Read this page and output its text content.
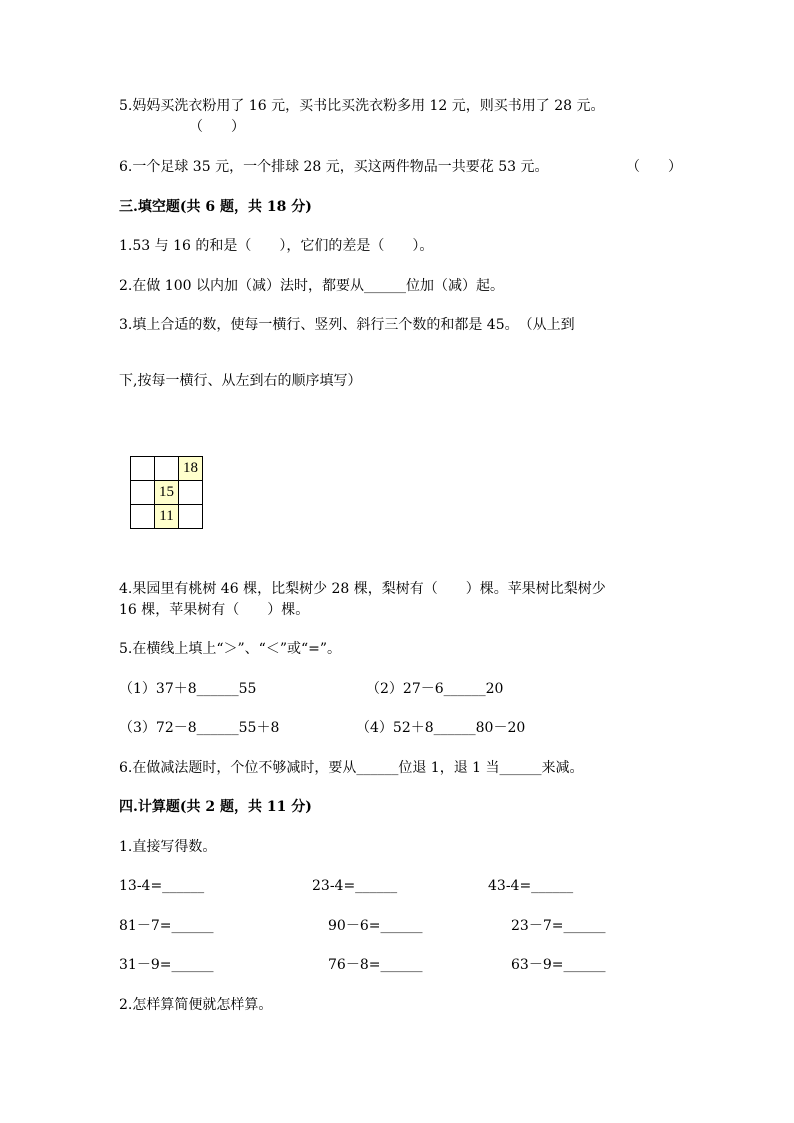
5.妈妈买洗衣粉用了 16 元，买书比买洗衣粉多用 12 元，则买书用了 28 元。
（　　）
6.一个足球 35 元，一个排球 28 元，买这两件物品一共要花 53 元。	（　　）
三.填空题(共 6 题，共 18 分)
1.53 与 16 的和是（　　），它们的差是（　　）。
2.在做 100 以内加（减）法时，都要从______位加（减）起。
3.填上合适的数，使每一横行、竖列、斜行三个数的和都是 45。　（从上到
下,按每一横行、从左到右的顺序填写）
		18
	15	
	11	
4.果园里有桃树 46 棵，比梨树少 28 棵，梨树有（　　）棵。苹果树比梨树少
16 棵，苹果树有（　　）棵。
5.在横线上填上“＞”、“＜”或“=”。
（1）37＋8______55	（2）27－6______20
（3）72－8______55＋8	（4）52＋8______80－20
6.在做减法题时，个位不够减时，要从______位退 1，退 1 当______来减。
四.计算题(共 2 题，共 11 分)
1.直接写得数。
13-4=______	23-4=______	43-4=______
81－7=______	90－6=______	23－7=______
31－9=______	76－8=______	63－9=______
2.怎样算简便就怎样算。
